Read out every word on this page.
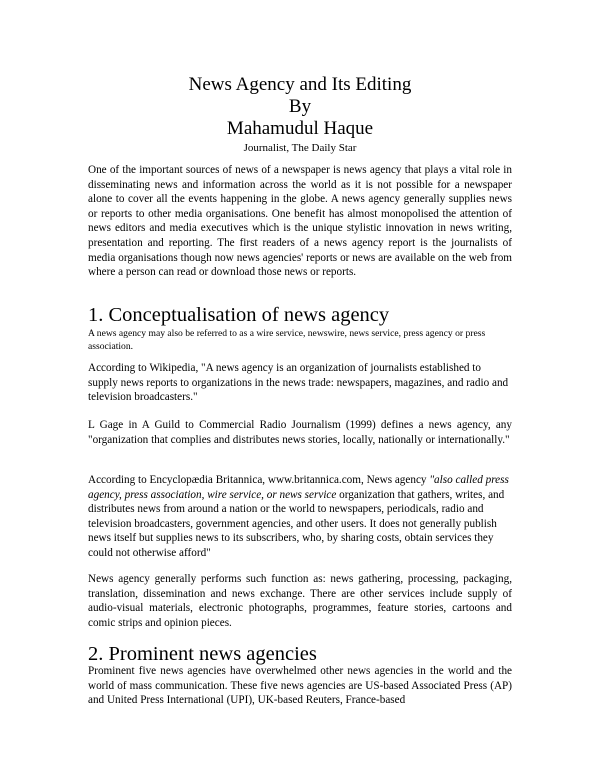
News Agency and Its Editing
By
Mahamudul Haque
Journalist, The Daily Star

One of the important sources of news of a newspaper is news agency that plays a vital role in disseminating news and information across the world as it is not possible for a newspaper alone to cover all the events happening in the globe. A news agency generally supplies news or reports to other media organisations. One benefit has almost monopolised the attention of news editors and media executives which is the unique stylistic innovation in news writing, presentation and reporting. The first readers of a news agency report is the journalists of media organisations though now news agencies' reports or news are available on the web from where a person can read or download those news or reports.

1. Conceptualisation of news agency

A news agency may also be referred to as a wire service, newswire, news service, press agency or press association.

According to Wikipedia, "A news agency is an organization of journalists established to supply news reports to organizations in the news trade: newspapers, magazines, and radio and television broadcasters."

L Gage in A Guild to Commercial Radio Journalism (1999) defines a news agency, any "organization that complies and distributes news stories, locally, nationally or internationally."

According to Encyclopædia Britannica, www.britannica.com, News agency "also called press agency, press association, wire service, or news service organization that gathers, writes, and distributes news from around a nation or the world to newspapers, periodicals, radio and television broadcasters, government agencies, and other users. It does not generally publish news itself but supplies news to its subscribers, who, by sharing costs, obtain services they could not otherwise afford"

News agency generally performs such function as: news gathering, processing, packaging, translation, dissemination and news exchange. There are other services include supply of audio-visual materials, electronic photographs, programmes, feature stories, cartoons and comic strips and opinion pieces.

2. Prominent news agencies

Prominent five news agencies have overwhelmed other news agencies in the world and the world of mass communication. These five news agencies are US-based Associated Press (AP) and United Press International (UPI), UK-based Reuters, France-based
